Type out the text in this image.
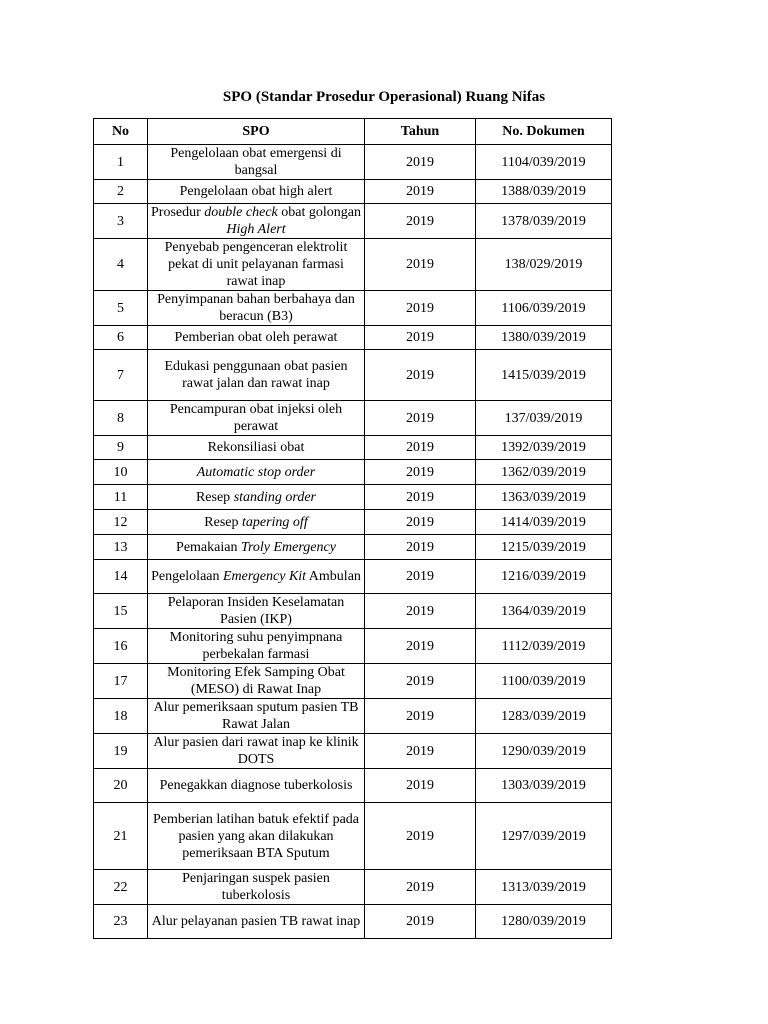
SPO (Standar Prosedur Operasional) Ruang Nifas
No	SPO	Tahun	No. Dokumen
1	Pengelolaan obat emergensi di bangsal	2019	1104/039/2019
2	Pengelolaan obat high alert	2019	1388/039/2019
3	Prosedur double check obat golongan High Alert	2019	1378/039/2019
4	Penyebab pengenceran elektrolit pekat di unit pelayanan farmasi rawat inap	2019	138/029/2019
5	Penyimpanan bahan berbahaya dan beracun (B3)	2019	1106/039/2019
6	Pemberian obat oleh perawat	2019	1380/039/2019
7	Edukasi penggunaan obat pasien rawat jalan dan rawat inap	2019	1415/039/2019
8	Pencampuran obat injeksi oleh perawat	2019	137/039/2019
9	Rekonsiliasi obat	2019	1392/039/2019
10	Automatic stop order	2019	1362/039/2019
11	Resep standing order	2019	1363/039/2019
12	Resep tapering off	2019	1414/039/2019
13	Pemakaian Troly Emergency	2019	1215/039/2019
14	Pengelolaan Emergency Kit Ambulan	2019	1216/039/2019
15	Pelaporan Insiden Keselamatan Pasien (IKP)	2019	1364/039/2019
16	Monitoring suhu penyimpnana perbekalan farmasi	2019	1112/039/2019
17	Monitoring Efek Samping Obat (MESO) di Rawat Inap	2019	1100/039/2019
18	Alur pemeriksaan sputum pasien TB Rawat Jalan	2019	1283/039/2019
19	Alur pasien dari rawat inap ke klinik DOTS	2019	1290/039/2019
20	Penegakkan diagnose tuberkolosis	2019	1303/039/2019
21	Pemberian latihan batuk efektif pada pasien yang akan dilakukan pemeriksaan BTA Sputum	2019	1297/039/2019
22	Penjaringan suspek pasien tuberkolosis	2019	1313/039/2019
23	Alur pelayanan pasien TB rawat inap	2019	1280/039/2019
